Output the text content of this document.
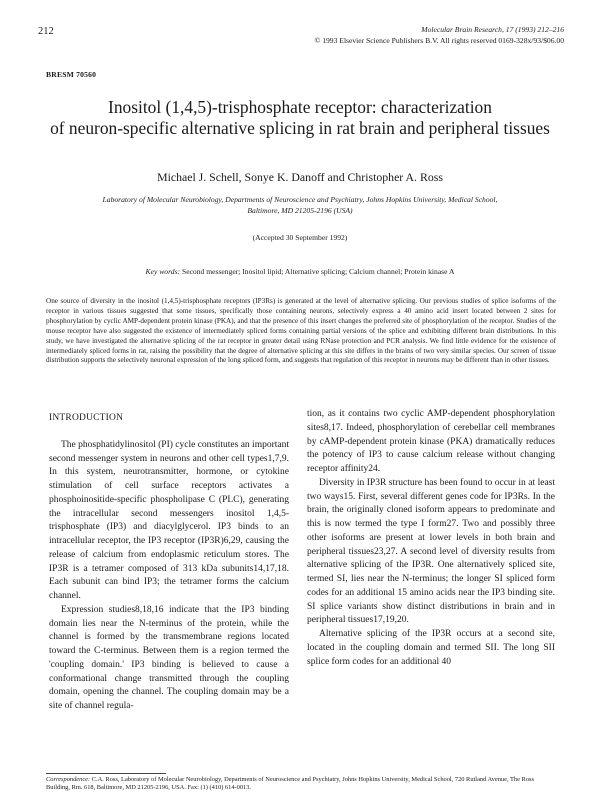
212	Molecular Brain Research, 17 (1993) 212–216
© 1993 Elsevier Science Publishers B.V. All rights reserved 0169-328x/93/$06.00
BRESM 70560
Inositol (1,4,5)-trisphosphate receptor: characterization
of neuron-specific alternative splicing in rat brain and peripheral tissues
Michael J. Schell, Sonye K. Danoff and Christopher A. Ross
Laboratory of Molecular Neurobiology, Departments of Neuroscience and Psychiatry, Johns Hopkins University, Medical School,
Baltimore, MD 21205-2196 (USA)
(Accepted 30 September 1992)
Key words: Second messenger; Inositol lipid; Alternative splicing; Calcium channel; Protein kinase A
One source of diversity in the inositol (1,4,5)-trisphosphate receptors (IP3Rs) is generated at the level of alternative splicing. Our previous studies of splice isoforms of the receptor in various tissues suggested that some tissues, specifically those containing neurons, selectively express a 40 amino acid insert located between 2 sites for phosphorylation by cyclic AMP-dependent protein kinase (PKA), and that the presence of this insert changes the preferred site of phosphorylation of the receptor. Studies of the mouse receptor have also suggested the existence of intermediately spliced forms containing partial versions of the splice and exhibiting different brain distributions. In this study, we have investigated the alternative splicing of the rat receptor in greater detail using RNase protection and PCR analysis. We find little evidence for the existence of intermediately spliced forms in rat, raising the possibility that the degree of alternative splicing at this site differs in the brains of two very similar species. Our screen of tissue distribution supports the selectively neuronal expression of the long spliced form, and suggests that regulation of this receptor in neurons may be different than in other tissues.

INTRODUCTION

The phosphatidylinositol (PI) cycle constitutes an important second messenger system in neurons and other cell types1,7,9. In this system, neurotransmitter, hormone, or cytokine stimulation of cell surface receptors activates a phosphoinositide-specific phospholipase C (PLC), generating the intracellular second messengers inositol 1,4,5-trisphosphate (IP3) and diacylglycerol. IP3 binds to an intracellular receptor, the IP3 receptor (IP3R)6,29, causing the release of calcium from endoplasmic reticulum stores. The IP3R is a tetramer composed of 313 kDa subunits14,17,18. Each subunit can bind IP3; the tetramer forms the calcium channel.

Expression studies8,18,16 indicate that the IP3 binding domain lies near the N-terminus of the protein, while the channel is formed by the transmembrane regions located toward the C-terminus. Between them is a region termed the 'coupling domain.' IP3 binding is believed to cause a conformational change transmitted through the coupling domain, opening the channel. The coupling domain may be a site of channel regula-

tion, as it contains two cyclic AMP-dependent phosphorylation sites8,17. Indeed, phosphorylation of cerebellar cell membranes by cAMP-dependent protein kinase (PKA) dramatically reduces the potency of IP3 to cause calcium release without changing receptor affinity24.

Diversity in IP3R structure has been found to occur in at least two ways15. First, several different genes code for IP3Rs. In the brain, the originally cloned isoform appears to predominate and this is now termed the type I form27. Two and possibly three other isoforms are present at lower levels in both brain and peripheral tissues23,27. A second level of diversity results from alternative splicing of the IP3R. One alternatively spliced site, termed SI, lies near the N-terminus; the longer SI spliced form codes for an additional 15 amino acids near the IP3 binding site. SI splice variants show distinct distributions in brain and in peripheral tissues17,19,20.

Alternative splicing of the IP3R occurs at a second site, located in the coupling domain and termed SII. The long SII splice form codes for an additional 40

Correspondence: C.A. Ross, Laboratory of Molecular Neurobiology, Departments of Neuroscience and Psychiatry, Johns Hopkins University, Medical School, 720 Rutland Avenue, The Ross Building, Rm. 618, Baltimore, MD 21205-2196, USA. Fax: (1) (410) 614-0013.
